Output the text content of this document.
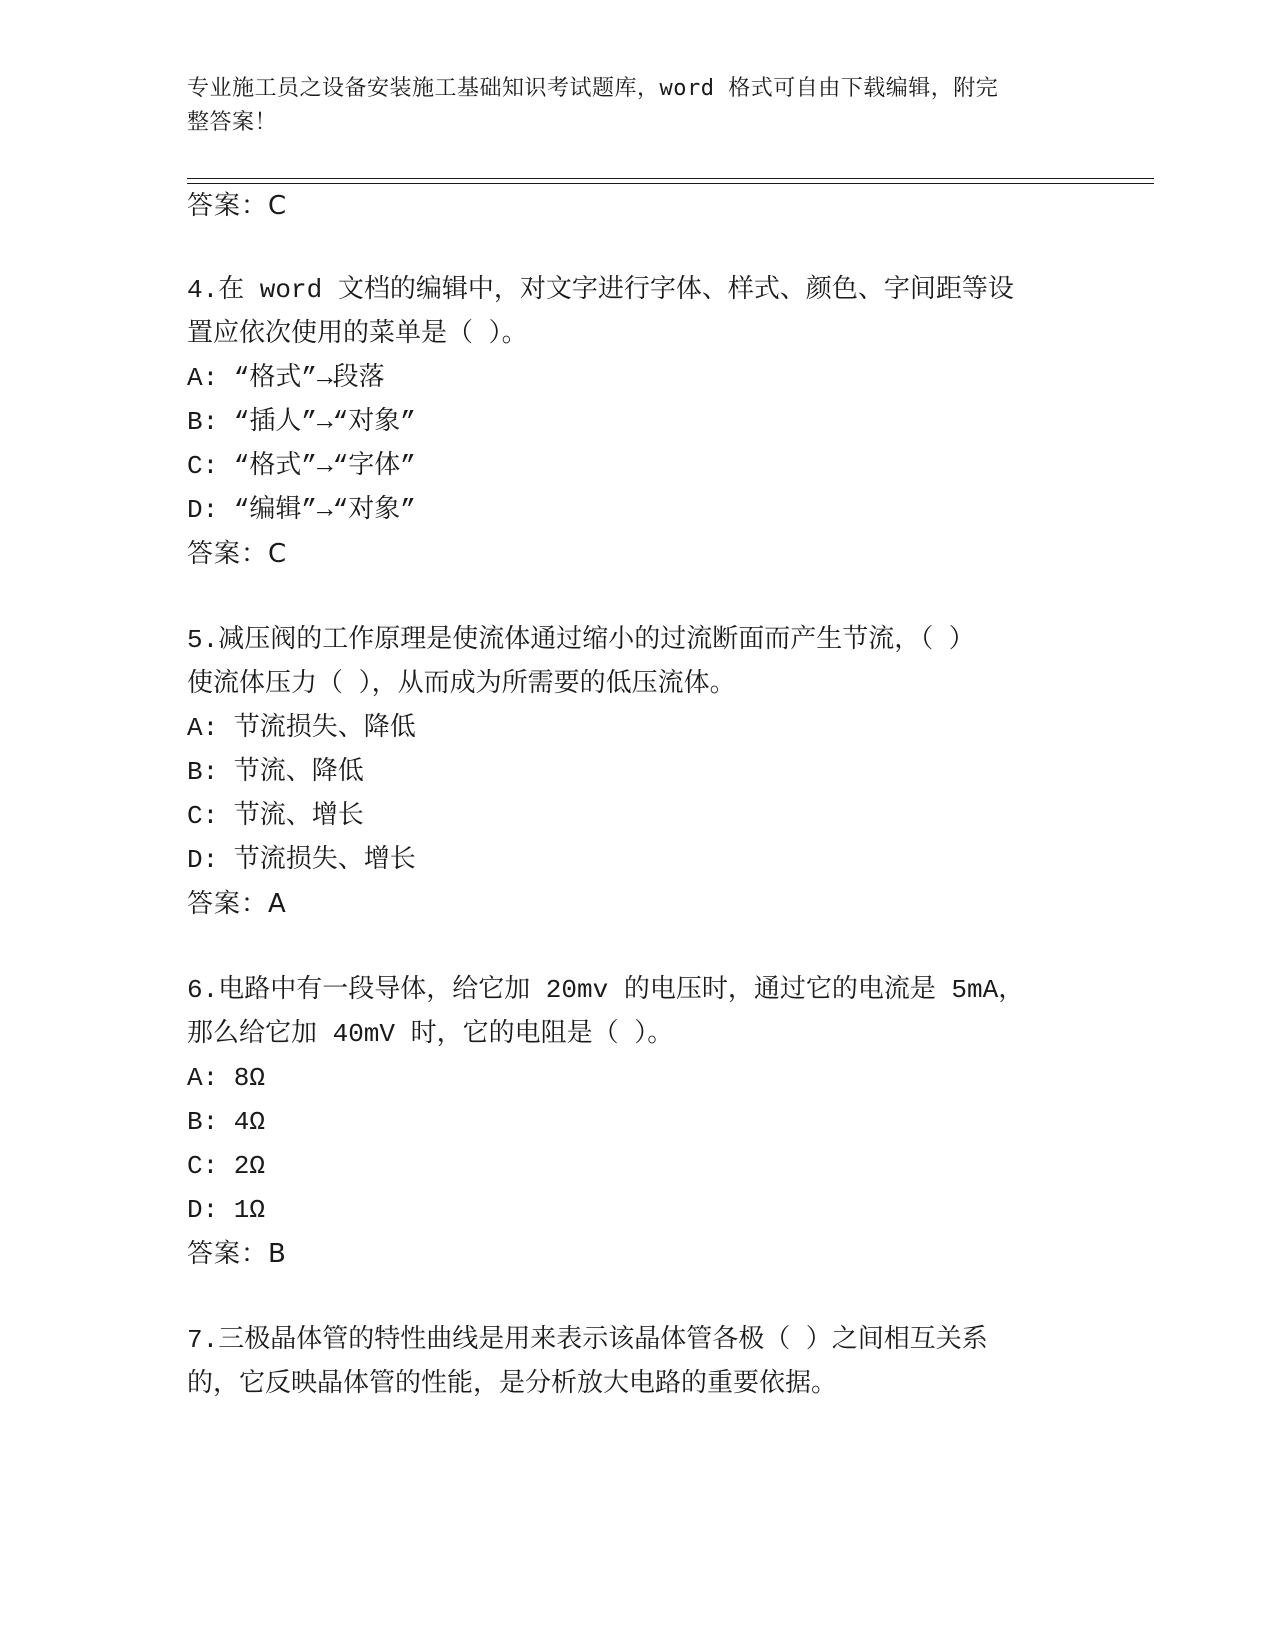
专业施工员之设备安装施工基础知识考试题库，word 格式可自由下载编辑，附完
整答案！
答案：C
4.在 word 文档的编辑中，对文字进行字体、样式、颜色、字间距等设
置应依次使用的菜单是（ ）。
A: “格式”→段落
B: “插人”→“对象”
C: “格式”→“字体”
D: “编辑”→“对象”
答案：C
5.减压阀的工作原理是使流体通过缩小的过流断面而产生节流，（ ）
使流体压力（ ），从而成为所需要的低压流体。
A: 节流损失、降低
B: 节流、降低
C: 节流、增长
D: 节流损失、增长
答案：A
6.电路中有一段导体，给它加 20mv 的电压时，通过它的电流是 5mA，
那么给它加 40mV 时，它的电阻是（ ）。
A: 8Ω
B: 4Ω
C: 2Ω
D: 1Ω
答案：B
7.三极晶体管的特性曲线是用来表示该晶体管各极（ ）之间相互关系
的，它反映晶体管的性能，是分析放大电路的重要依据。
